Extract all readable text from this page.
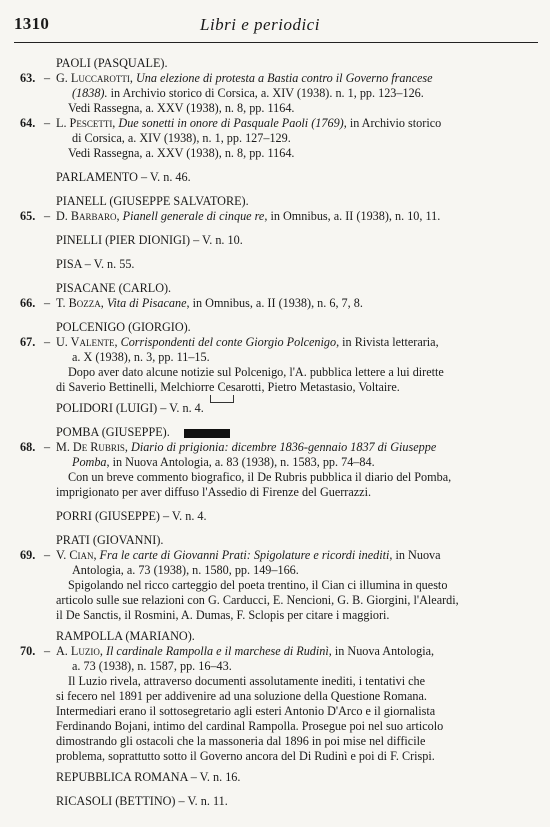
1310	Libri e periodici
PAOLI (PASQUALE).
63. – G. Luccarotti, Una elezione di protesta a Bastia contro il Governo francese
(1838). in Archivio storico di Corsica, a. XIV (1938). n. 1, pp. 123–126.
Vedi Rassegna, a. XXV (1938), n. 8, pp. 1164.
64. – L. Pescetti, Due sonetti in onore di Pasquale Paoli (1769), in Archivio storico
di Corsica, a. XIV (1938), n. 1, pp. 127–129.
Vedi Rassegna, a. XXV (1938), n. 8, pp. 1164.
PARLAMENTO – V. n. 46.
PIANELL (GIUSEPPE SALVATORE).
65. – D. Barbaro, Pianell generale di cinque re, in Omnibus, a. II (1938), n. 10, 11.
PINELLI (PIER DIONIGI) – V. n. 10.
PISA – V. n. 55.
PISACANE (CARLO).
66. – T. Bozza, Vita di Pisacane, in Omnibus, a. II (1938), n. 6, 7, 8.
POLCENIGO (GIORGIO).
67. – U. Valente, Corrispondenti del conte Giorgio Polcenigo, in Rivista letteraria,
a. X (1938), n. 3, pp. 11–15.
Dopo aver dato alcune notizie sul Polcenigo, l'A. pubblica lettere a lui dirette
di Saverio Bettinelli, Melchiorre Cesarotti, Pietro Metastasio, Voltaire.
POLIDORI (LUIGI) – V. n. 4.
POMBA (GIUSEPPE).
68. – M. De Rubris, Diario di prigionia: dicembre 1836-gennaio 1837 di Giuseppe
Pomba, in Nuova Antologia, a. 83 (1938), n. 1583, pp. 74–84.
Con un breve commento biografico, il De Rubris pubblica il diario del Pomba,
imprigionato per aver diffuso l'Assedio di Firenze del Guerrazzi.
PORRI (GIUSEPPE) – V. n. 4.
PRATI (GIOVANNI).
69. – V. Cian, Fra le carte di Giovanni Prati: Spigolature e ricordi inediti, in Nuova
Antologia, a. 73 (1938), n. 1580, pp. 149–166.
Spigolando nel ricco carteggio del poeta trentino, il Cian ci illumina in questo
articolo sulle sue relazioni con G. Carducci, E. Nencioni, G. B. Giorgini, l'Aleardi,
il De Sanctis, il Rosmini, A. Dumas, F. Sclopis per citare i maggiori.
RAMPOLLA (MARIANO).
70. – A. Luzio, Il cardinale Rampolla e il marchese di Rudinì, in Nuova Antologia,
a. 73 (1938), n. 1587, pp. 16–43.
Il Luzio rivela, attraverso documenti assolutamente inediti, i tentativi che
si fecero nel 1891 per addivenire ad una soluzione della Questione Romana.
Intermediari erano il sottosegretario agli esteri Antonio D'Arco e il giornalista
Ferdinando Bojani, intimo del cardinal Rampolla. Prosegue poi nel suo articolo
dimostrando gli ostacoli che la massoneria dal 1896 in poi mise nel difficile
problema, soprattutto sotto il Governo ancora del Di Rudinì e poi di F. Crispi.
REPUBBLICA ROMANA – V. n. 16.
RICASOLI (BETTINO) – V. n. 11.
